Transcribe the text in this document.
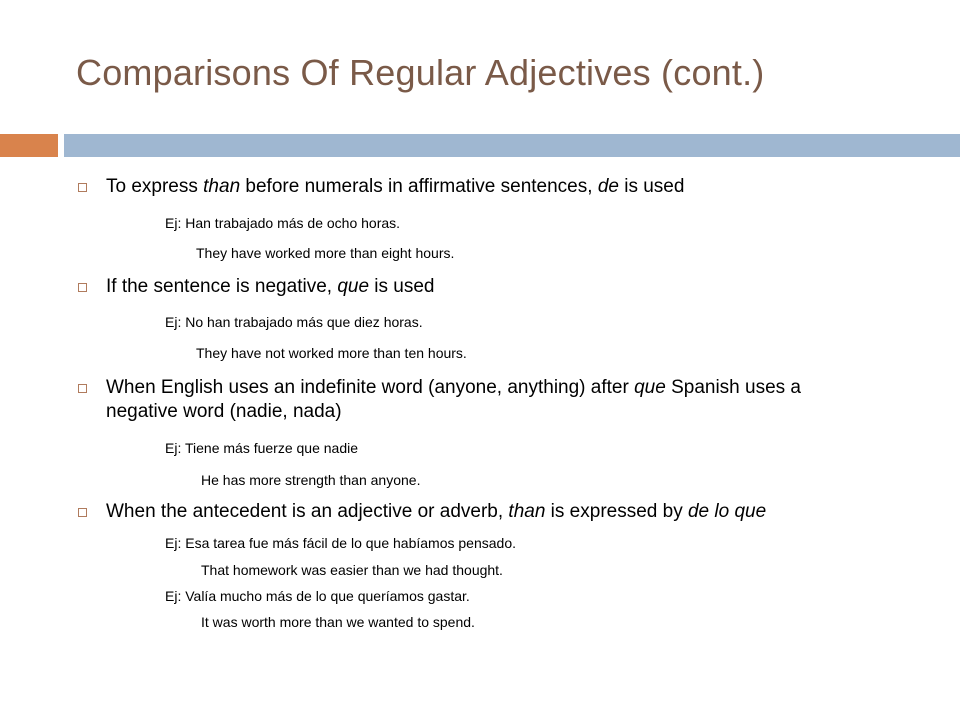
Comparisons Of Regular Adjectives (cont.)
To express than before numerals in affirmative sentences, de is used
Ej: Han trabajado más de ocho horas.
They have worked more than eight hours.
If the sentence is negative, que is used
Ej: No han trabajado más que diez horas.
They have not worked more than ten hours.
When English uses an indefinite word (anyone, anything) after que Spanish uses a negative word (nadie, nada)
Ej: Tiene más fuerze que nadie
He has more strength than anyone.
When the antecedent is an adjective or adverb, than is expressed by de lo que
Ej: Esa tarea fue más fácil de lo que habíamos pensado.
That homework was easier than we had thought.
Ej: Valía mucho más de lo que queríamos gastar.
It was worth more than we wanted to spend.
